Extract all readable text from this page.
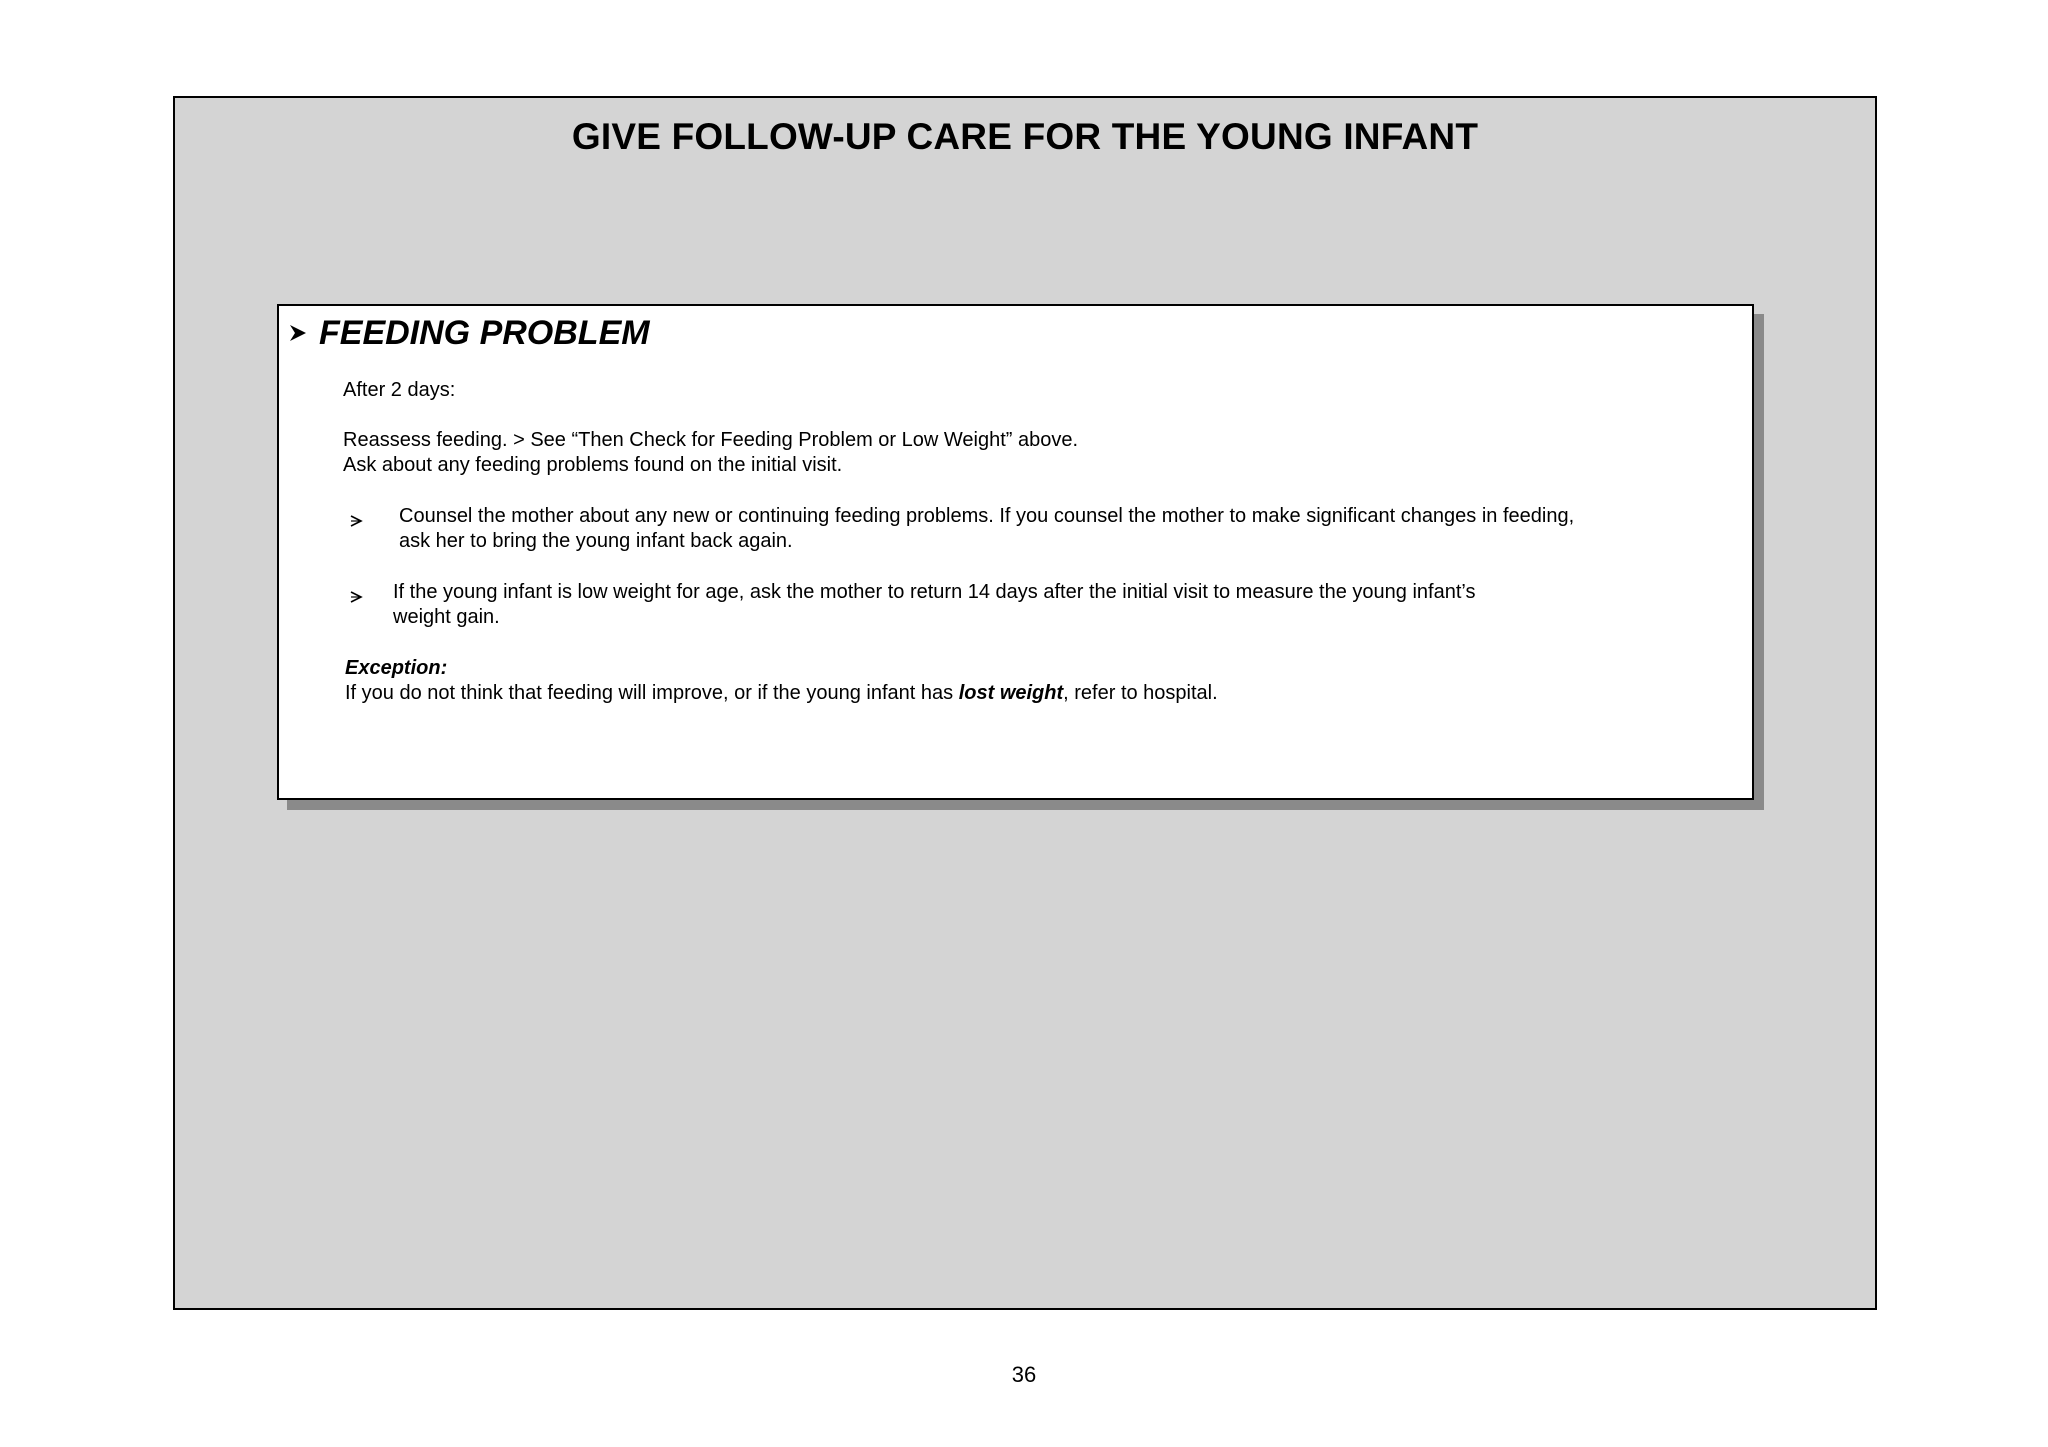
GIVE FOLLOW-UP CARE FOR THE YOUNG INFANT
FEEDING PROBLEM
After 2 days:
Reassess feeding. > See “Then Check for Feeding Problem or Low Weight” above.
Ask about any feeding problems found on the initial visit.
Counsel the mother about any new or continuing feeding problems. If you counsel the mother to make significant changes in feeding,
ask her to bring the young infant back again.
If the young infant is low weight for age, ask the mother to return 14 days after the initial visit to measure the young infant’s
weight gain.
Exception:
If you do not think that feeding will improve, or if the young infant has lost weight, refer to hospital.
36
